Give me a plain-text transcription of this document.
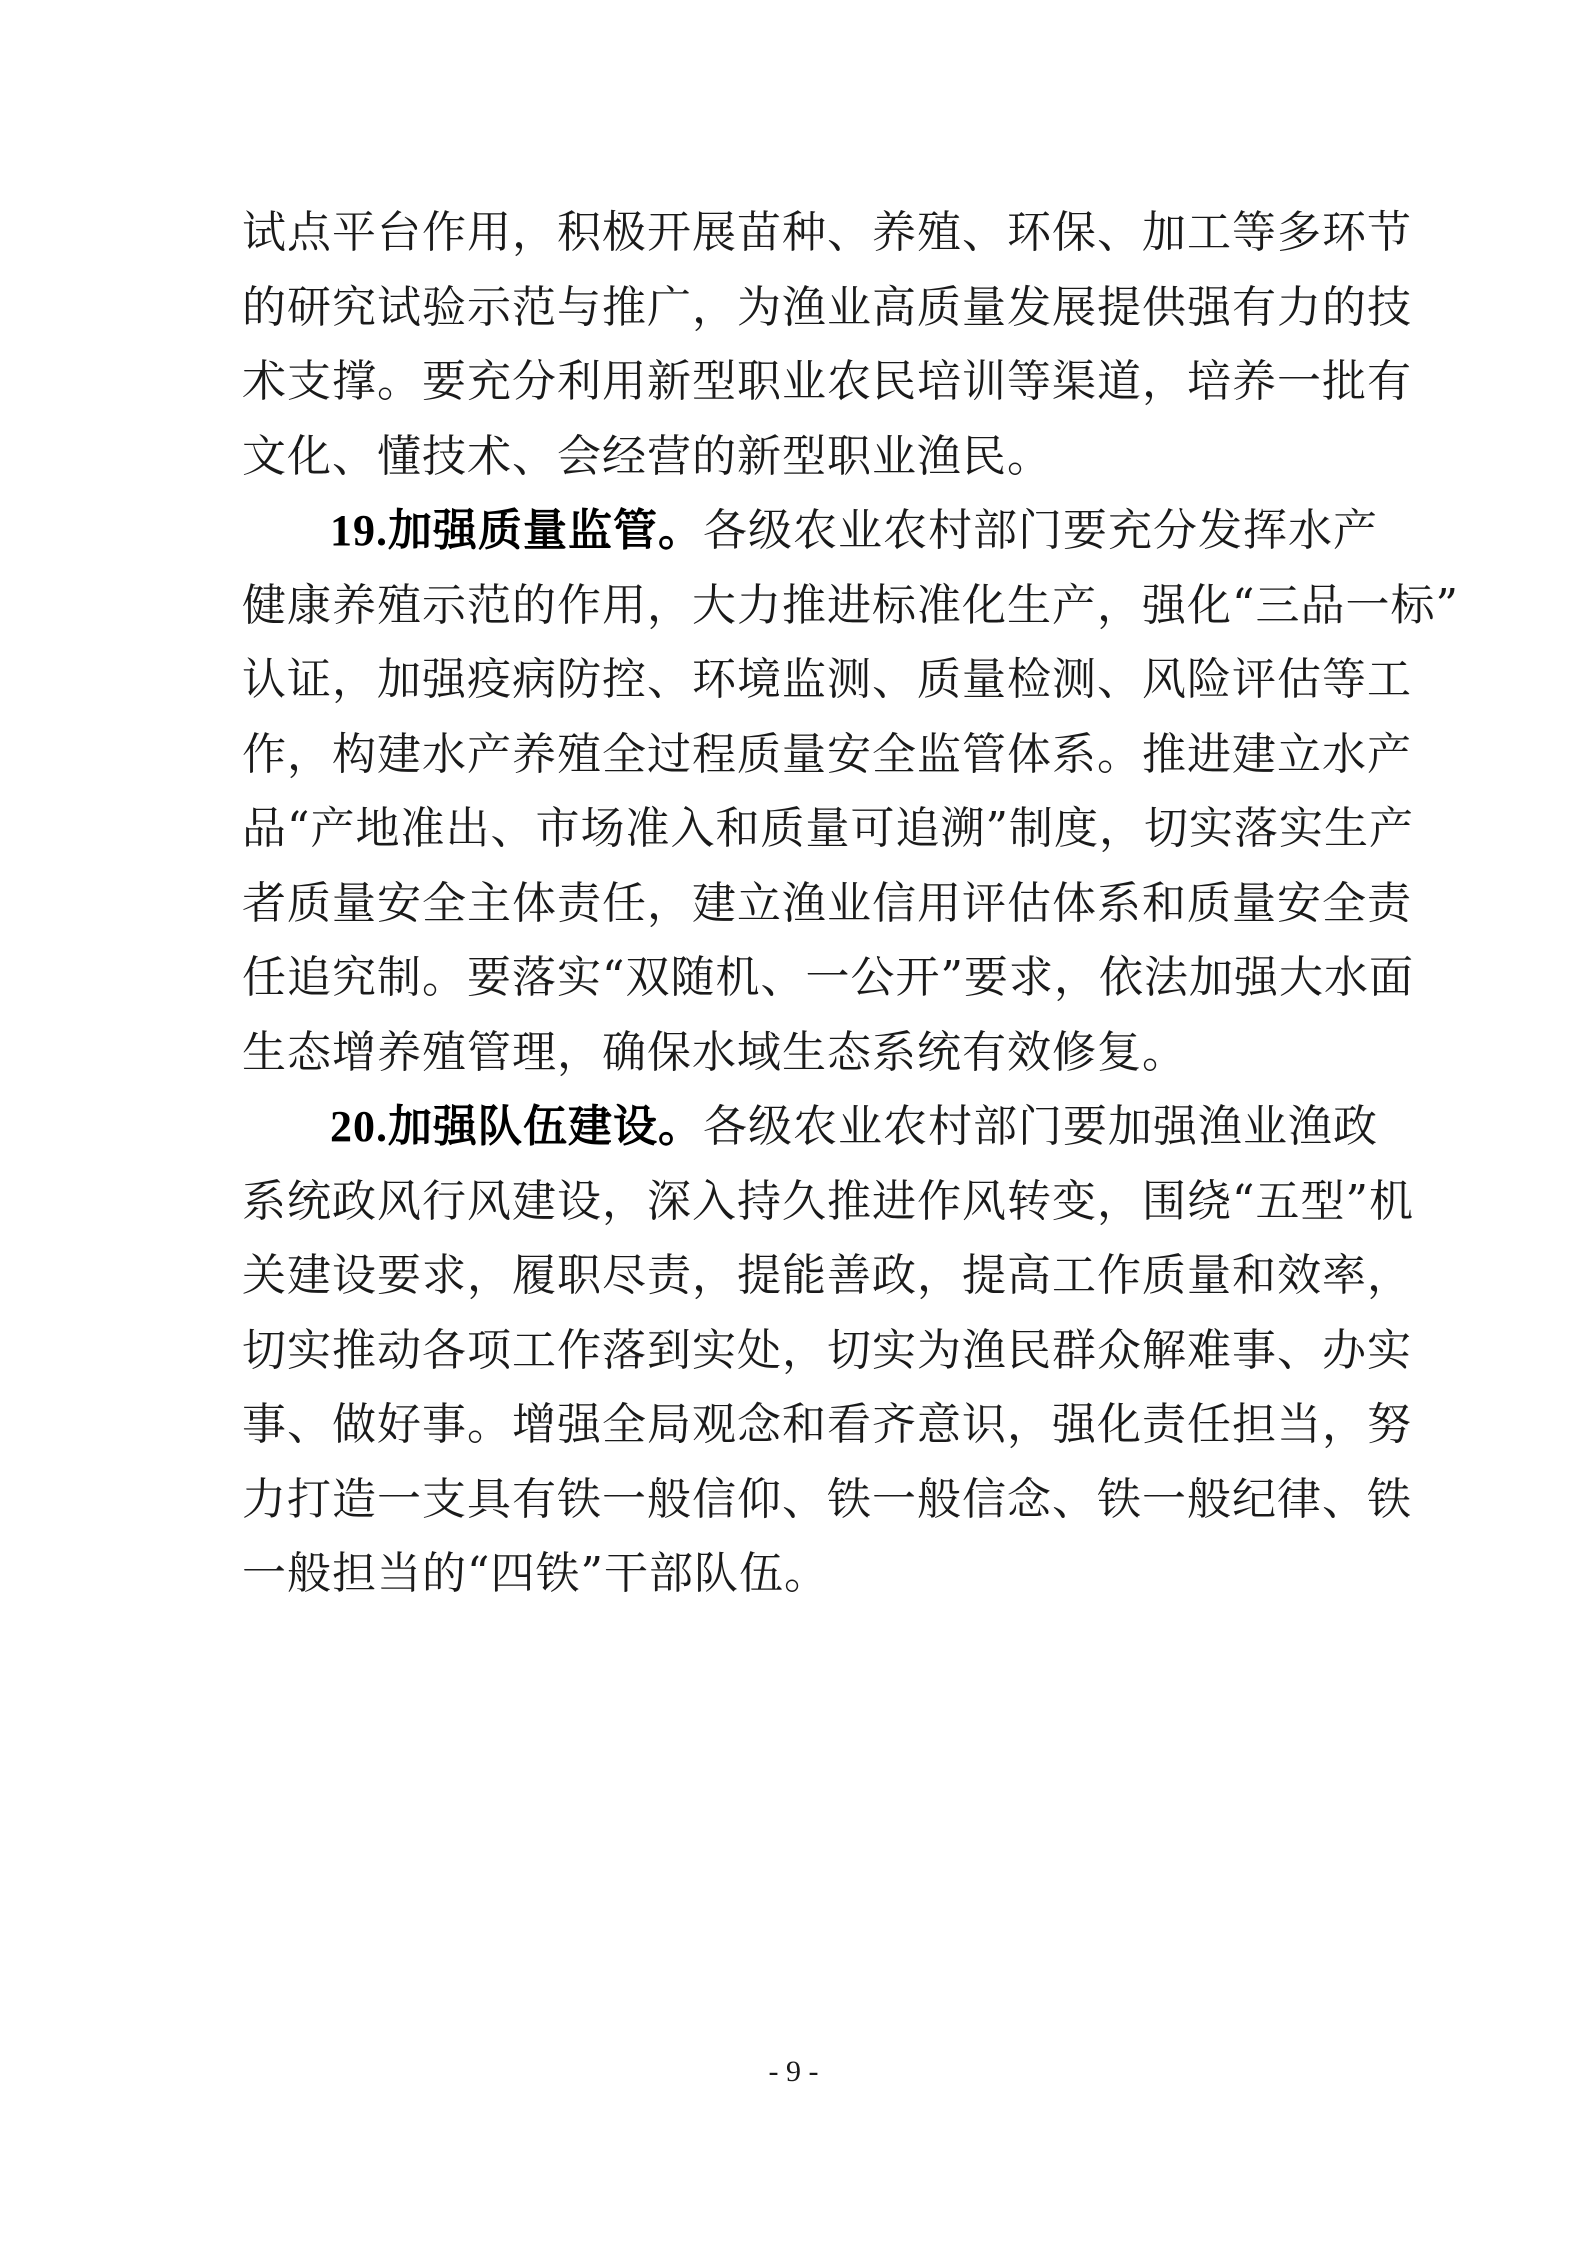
试点平台作用，积极开展苗种、养殖、环保、加工等多环节
的研究试验示范与推广，为渔业高质量发展提供强有力的技
术支撑。要充分利用新型职业农民培训等渠道，培养一批有
文化、懂技术、会经营的新型职业渔民。
19.加强质量监管。各级农业农村部门要充分发挥水产
健康养殖示范的作用，大力推进标准化生产，强化“三品一标”
认证，加强疫病防控、环境监测、质量检测、风险评估等工
作，构建水产养殖全过程质量安全监管体系。推进建立水产
品“产地准出、市场准入和质量可追溯”制度，切实落实生产
者质量安全主体责任，建立渔业信用评估体系和质量安全责
任追究制。要落实“双随机、一公开”要求，依法加强大水面
生态增养殖管理，确保水域生态系统有效修复。
20.加强队伍建设。各级农业农村部门要加强渔业渔政
系统政风行风建设，深入持久推进作风转变，围绕“五型”机
关建设要求，履职尽责，提能善政，提高工作质量和效率，
切实推动各项工作落到实处，切实为渔民群众解难事、办实
事、做好事。增强全局观念和看齐意识，强化责任担当，努
力打造一支具有铁一般信仰、铁一般信念、铁一般纪律、铁
一般担当的“四铁”干部队伍。
- 9 -
